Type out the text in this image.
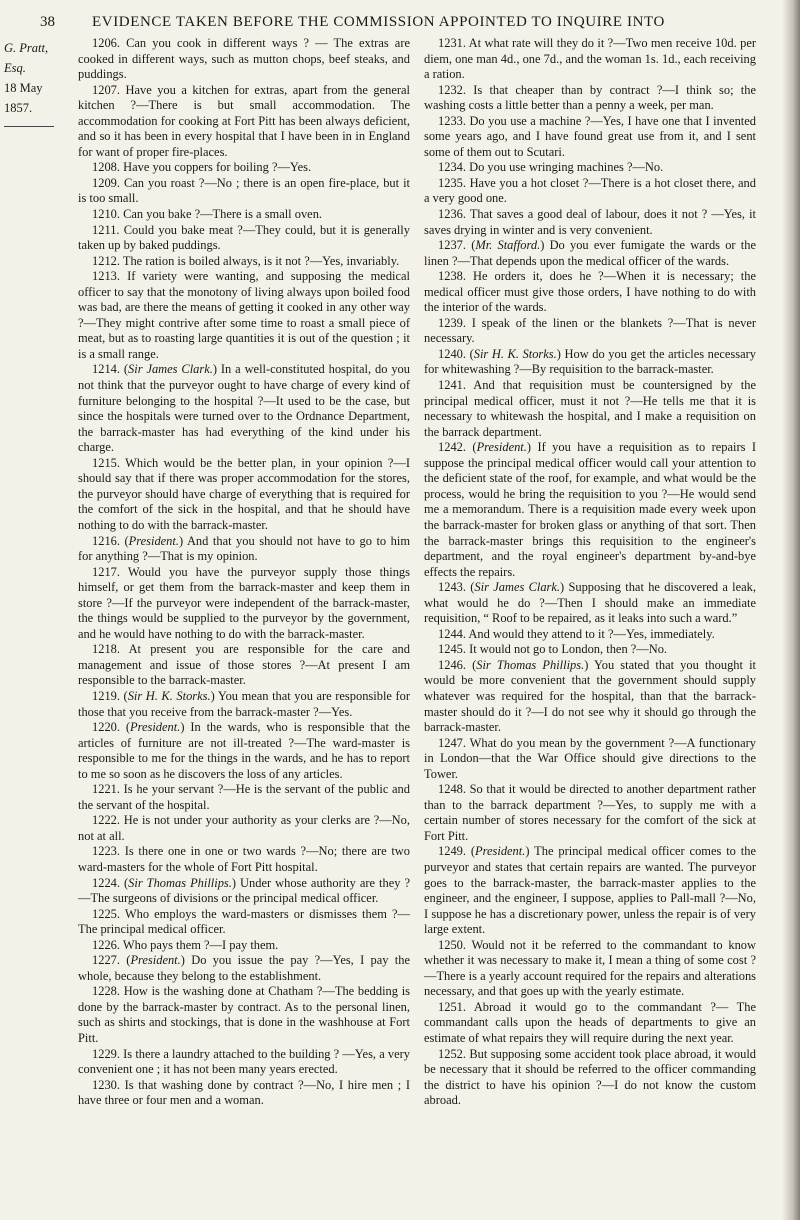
38 EVIDENCE TAKEN BEFORE THE COMMISSION APPOINTED TO INQUIRE INTO
G. Pratt, Esq.
18 May 1857.

1206. Can you cook in different ways ? — The extras are cooked in different ways, such as mutton chops, beef steaks, and puddings.

1207. Have you a kitchen for extras, apart from the general kitchen ?—There is but small accommodation. The accommodation for cooking at Fort Pitt has been always deficient, and so it has been in every hospital that I have been in in England for want of proper fire-places.

1208. Have you coppers for boiling ?—Yes.

1209. Can you roast ?—No ; there is an open fire-place, but it is too small.

1210. Can you bake ?—There is a small oven.

1211. Could you bake meat ?—They could, but it is generally taken up by baked puddings.

1212. The ration is boiled always, is it not ?—Yes, invariably.

1213. If variety were wanting, and supposing the medical officer to say that the monotony of living always upon boiled food was bad, are there the means of getting it cooked in any other way ?—They might contrive after some time to roast a small piece of meat, but as to roasting large quantities it is out of the question ; it is a small range.

1214. (Sir James Clark.) In a well-constituted hospital, do you not think that the purveyor ought to have charge of every kind of furniture belonging to the hospital ?—It used to be the case, but since the hospitals were turned over to the Ordnance Department, the barrack-master has had everything of the kind under his charge.

1215. Which would be the better plan, in your opinion ?—I should say that if there was proper accommodation for the stores, the purveyor should have charge of everything that is required for the comfort of the sick in the hospital, and that he should have nothing to do with the barrack-master.

1216. (President.) And that you should not have to go to him for anything ?—That is my opinion.

1217. Would you have the purveyor supply those things himself, or get them from the barrack-master and keep them in store ?—If the purveyor were independent of the barrack-master, the things would be supplied to the purveyor by the government, and he would have nothing to do with the barrack-master.

1218. At present you are responsible for the care and management and issue of those stores ?—At present I am responsible to the barrack-master.

1219. (Sir H. K. Storks.) You mean that you are responsible for those that you receive from the barrack-master ?—Yes.

1220. (President.) In the wards, who is responsible that the articles of furniture are not ill-treated ?—The ward-master is responsible to me for the things in the wards, and he has to report to me so soon as he discovers the loss of any articles.

1221. Is he your servant ?—He is the servant of the public and the servant of the hospital.

1222. He is not under your authority as your clerks are ?—No, not at all.

1223. Is there one in one or two wards ?—No; there are two ward-masters for the whole of Fort Pitt hospital.

1224. (Sir Thomas Phillips.) Under whose authority are they ?—The surgeons of divisions or the principal medical officer.

1225. Who employs the ward-masters or dismisses them ?—The principal medical officer.

1226. Who pays them ?—I pay them.

1227. (President.) Do you issue the pay ?—Yes, I pay the whole, because they belong to the establishment.

1228. How is the washing done at Chatham ?—The bedding is done by the barrack-master by contract. As to the personal linen, such as shirts and stockings, that is done in the washhouse at Fort Pitt.

1229. Is there a laundry attached to the building ? —Yes, a very convenient one ; it has not been many years erected.

1230. Is that washing done by contract ?—No, I hire men ; I have three or four men and a woman.

1231. At what rate will they do it ?—Two men receive 10d. per diem, one man 4d., one 7d., and the woman 1s. 1d., each receiving a ration.

1232. Is that cheaper than by contract ?—I think so; the washing costs a little better than a penny a week, per man.

1233. Do you use a machine ?—Yes, I have one that I invented some years ago, and I have found great use from it, and I sent some of them out to Scutari.

1234. Do you use wringing machines ?—No.

1235. Have you a hot closet ?—There is a hot closet there, and a very good one.

1236. That saves a good deal of labour, does it not ? —Yes, it saves drying in winter and is very convenient.

1237. (Mr. Stafford.) Do you ever fumigate the wards or the linen ?—That depends upon the medical officer of the wards.

1238. He orders it, does he ?—When it is necessary; the medical officer must give those orders, I have nothing to do with the interior of the wards.

1239. I speak of the linen or the blankets ?—That is never necessary.

1240. (Sir H. K. Storks.) How do you get the articles necessary for whitewashing ?—By requisition to the barrack-master.

1241. And that requisition must be countersigned by the principal medical officer, must it not ?—He tells me that it is necessary to whitewash the hospital, and I make a requisition on the barrack department.

1242. (President.) If you have a requisition as to repairs I suppose the principal medical officer would call your attention to the deficient state of the roof, for example, and what would be the process, would he bring the requisition to you ?—He would send me a memorandum. There is a requisition made every week upon the barrack-master for broken glass or anything of that sort. Then the barrack-master brings this requisition to the engineer's department, and the royal engineer's department by-and-bye effects the repairs.

1243. (Sir James Clark.) Supposing that he discovered a leak, what would he do ?—Then I should make an immediate requisition, “ Roof to be repaired, as it leaks into such a ward.”

1244. And would they attend to it ?—Yes, immediately.

1245. It would not go to London, then ?—No.

1246. (Sir Thomas Phillips.) You stated that you thought it would be more convenient that the government should supply whatever was required for the hospital, than that the barrack-master should do it ?—I do not see why it should go through the barrack-master.

1247. What do you mean by the government ?—A functionary in London—that the War Office should give directions to the Tower.

1248. So that it would be directed to another department rather than to the barrack department ?—Yes, to supply me with a certain number of stores necessary for the comfort of the sick at Fort Pitt.

1249. (President.) The principal medical officer comes to the purveyor and states that certain repairs are wanted. The purveyor goes to the barrack-master, the barrack-master applies to the engineer, and the engineer, I suppose, applies to Pall-mall ?—No, I suppose he has a discretionary power, unless the repair is of very large extent.

1250. Would not it be referred to the commandant to know whether it was necessary to make it, I mean a thing of some cost ?—There is a yearly account required for the repairs and alterations necessary, and that goes up with the yearly estimate.

1251. Abroad it would go to the commandant ?— The commandant calls upon the heads of departments to give an estimate of what repairs they will require during the next year.

1252. But supposing some accident took place abroad, it would be necessary that it should be referred to the officer commanding the district to have his opinion ?—I do not know the custom abroad.
